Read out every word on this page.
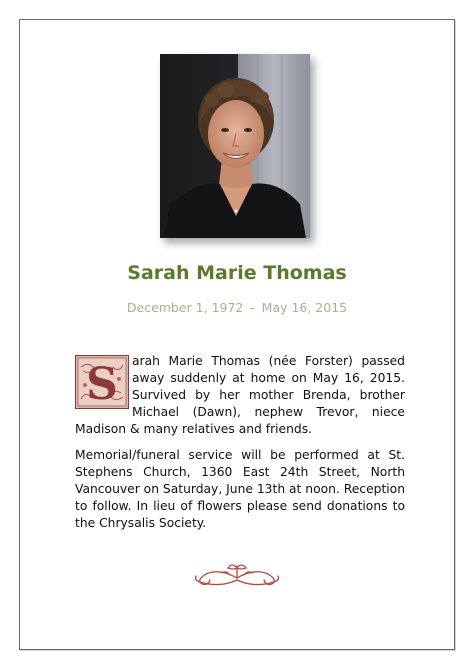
Sarah Marie Thomas
December 1, 1972 – May 16, 2015

S arah Marie Thomas (née Forster) passed away suddenly at home on May 16, 2015. Survived by her mother Brenda, brother Michael (Dawn), nephew Trevor, niece Madison & many relatives and friends.

Memorial/funeral service will be performed at St. Stephens Church, 1360 East 24th Street, North Vancouver on Saturday, June 13th at noon. Reception to follow. In lieu of flowers please send donations to the Chrysalis Society.
